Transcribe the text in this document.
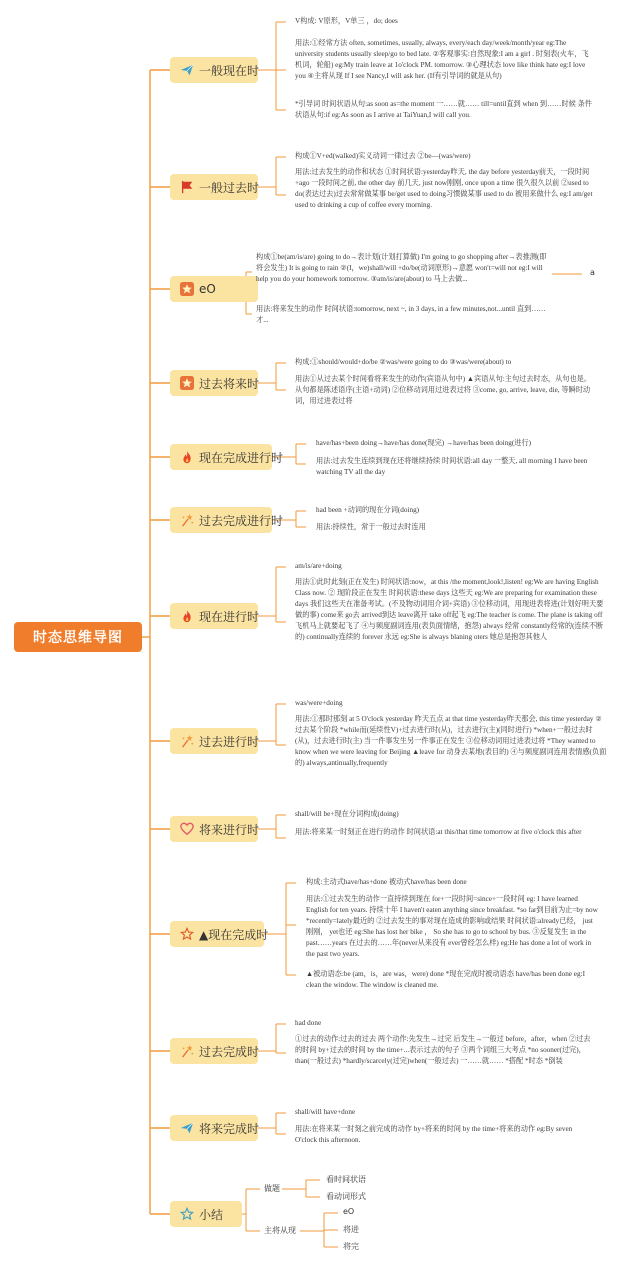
时态思维导图
一般现在时

V构成: V原形，V单三 ，do; does

用法:①经常方法 often, sometimes, usually, always, every/each day/week/month/year eg:The university students usually sleep/go to bed late. ②客观事实:自然现象:I am a girl . 时刻表(火车，飞机词，轮船) eg:My train leave at 1o'clock PM. tomorrow. ③心理状态 love like think hate eg:I love you ④主将从现 If I see Nancy,I will ask her. (If有引导词的就是从句)

*引导词 时间状语从句:as soon as=the moment 一……就…… till=until直到 when 到……时候 条件状语从句:if eg:As soon as I arrive at TaiYuan,I will call you.

一般过去时

构成①V+ed(walked)实义动词一律过去 ②be—(was/were)

用法:过去发生的动作和状态 ①时间状语:yesterday昨天, the day before yesterday前天，一段时间+ago 一段时间之前, the other day 前几天, just now刚刚, once upon a time 很久很久以前 ②used to do(表达过去)过去常常做某事 be/get used to doing习惯做某事 used to do 被用来做什么 eg:I am/get used to drinking a cup of coffee every morning.

eO

构成①be(am/is/are) going to do→表计划(计划打算做) I'm going to go shopping after→表推测(即将会发生) It is going to rain ②(I，we)shall/will +do/be(动词原形)→意愿 won't=will not eg:I will help you do your homework tomorrow. ③am/is/are(about) to 马上去做...

用法:将来发生的动作 时间状语:tomorrow, next ~, in 3 days, in a few minutes,not...until 直到……才...

a
过去将来时

构成:①should/would+do/be ②was/were going to do ③was/were(about) to

用法①从过去某个时间看将来发生的动作(宾语从句中) ▲宾语从句:主句过去时态，从句也是。从句都是陈述语序(主语+动词) ②位移动词用过进表过将 ③come, go, arrive, leave, die, 等瞬时动词，用过进表过将

现在完成进行时

have/has+been doing→have/has done(现完) →have/has been doing(进行)

用法:过去发生连续到现在还将继续持续 时间状语:all day 一整天, all morning I have been watching TV all the day

过去完成进行时

had been +动词的现在分词(doing)

用法:持续性，常于一般过去时连用

现在进行时

am/is/are+doing

用法①此时此刻(正在发生) 时间状语:now，at this /the moment,look!,listen! eg:We are having English Class now. ② 现阶段正在发生 时间状语:these days 这些天 eg:We are preparing for examination these days 我们这些天在准备考试。(不及物动词用介词+宾语) ③位移动词，用现进表将进(计划好明天要做的事) come来 go去 arrived到达 leave离开 take off起飞 eg:The teacher is come. The plane is taking off 飞机马上就要起飞了 ④与频度副词连用(表负面情绪，抱怨) always 经常 constantly经常的(连续不断的) continually连续的 forever 永远 eg:She is always blaning oters 她总是抱怨其他人

过去进行时

was/were+doing

用法:①那时那刻 at 5 O'clock yesterday 昨天五点 at that time yesterday昨天那会, this time yesterday ②过去某个阶段 *while而(延续性V)+过去进行时(从)，过去进行(主)(同时进行) *when+一般过去时(从)，过去进行时(主) 当一件事发生另一件事正在发生 ③位移动词用过进表过将 *They wanted to know when we were leaving for Beijing ▲leave for 动身去某地(表目的) ④与频度副词连用表情感(负面的) always,antinually,frequently

将来进行时

shall/will be+现在分词构成(doing)

用法:将来某一时刻正在进行的动作 时间状语:at this/that time tomorrow at five o'clock this after

▲现在完成时

构成:主动式have/has+done 被动式have/has been done

用法:①过去发生的动作一直持续到现在 for+一段时间=since+一段时间 eg: I have learned English for ten years. 持续十年 I haven't eaten anything since breakfast. *so far到目前为止=by now *recently=lately最近的 ②过去发生的事对现在造成的影响或结果 时间状语:already已经， just刚刚， yet也还 eg:She has lost her bike ， So she has to go to school by bus. ③反复发生 in the past……years 在过去的……年(never从来没有 ever曾经怎么样) eg:He has done a lot of work in the past two years.

▲被动语态:be (am，is，are was，were) done *现在完成时被动语态 have/has been done eg:I clean the window. The window is cleaned me.

过去完成时

had done

①过去的动作:过去的过去 两个动作:先发生→过完 后发生→一般过 before，after，when ②过去的时间 by+过去的时间 by the time+...表示过去的句子 ③两个词组三大考点 *no sooner(过完)，than(一般过去) *hardly/scarcely(过完)when(一般过去) 一……就…… *搭配 *时态 *倒装

将来完成时

shall/will have+done

用法:在将来某一时刻之前完成的动作 by+将来的时间 by the time+将来的动作 eg:By seven O'clock this afternoon.

小结
做题
看时间状语
看动词形式
主将从现
eO
将进
将完
